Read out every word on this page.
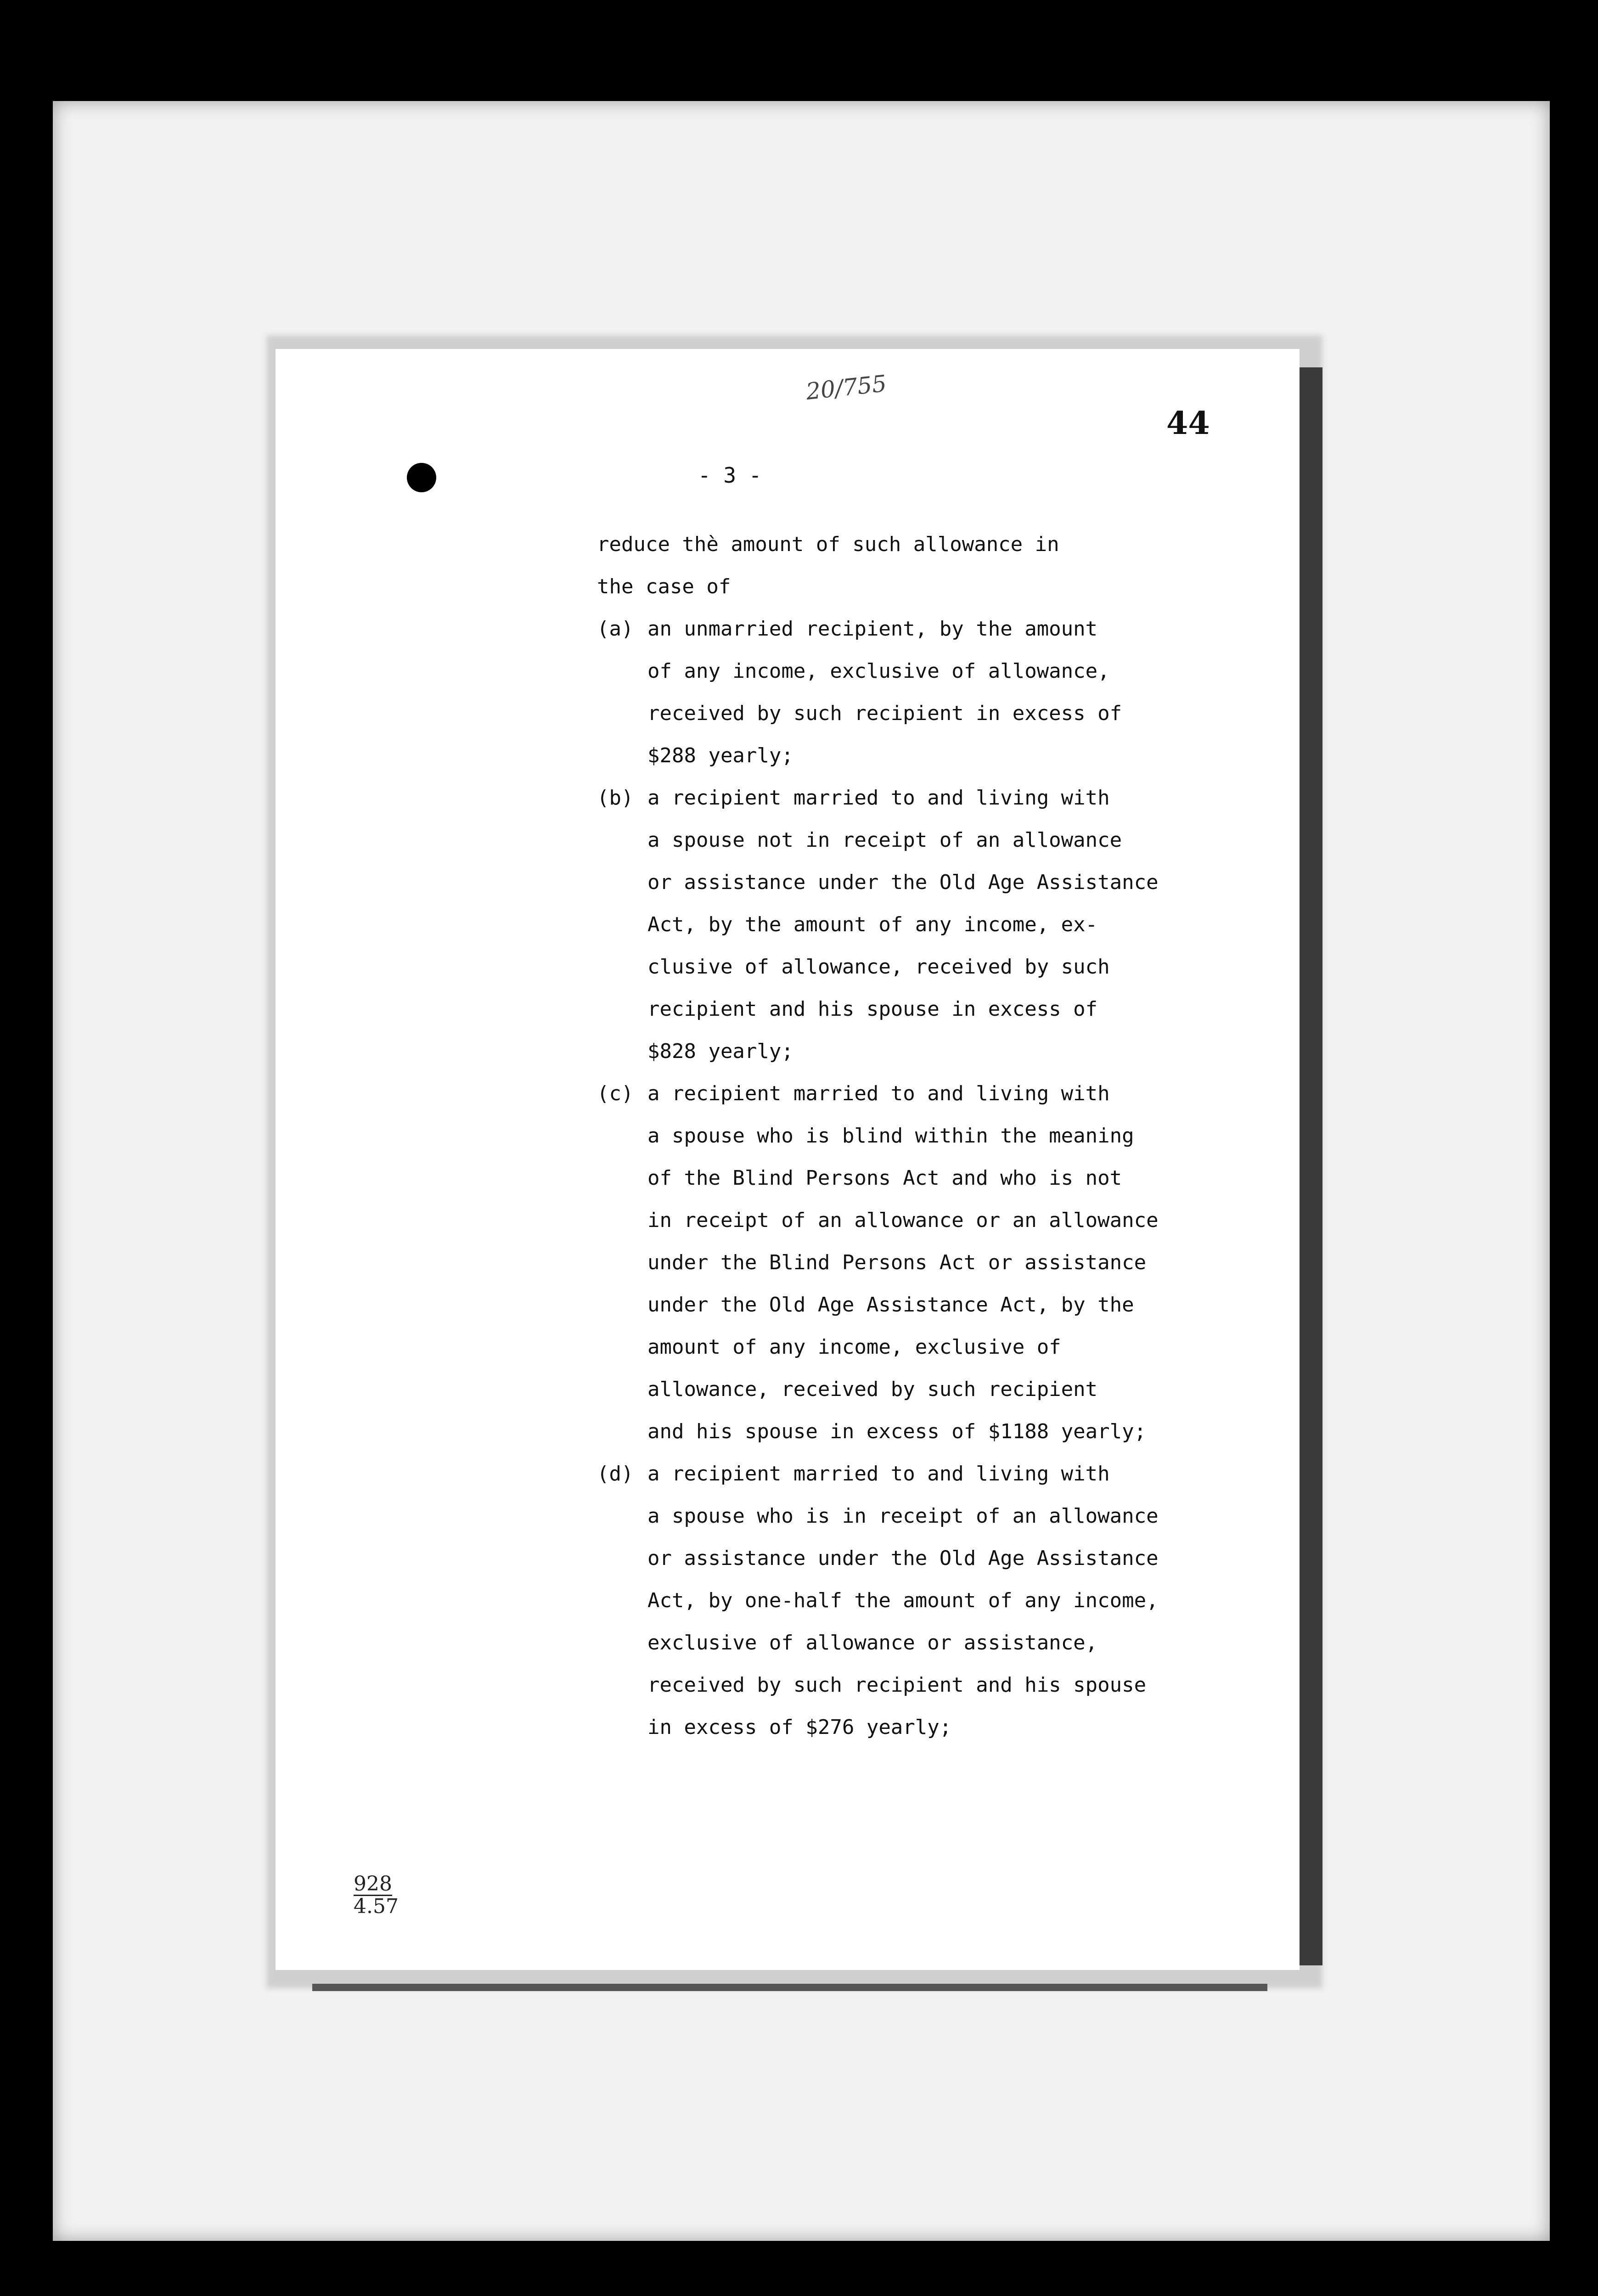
20/755
44
- 3 -
reduce thè amount of such allowance in
the case of
(a) an unmarried recipient, by the amount
of any income, exclusive of allowance,
received by such recipient in excess of
$288 yearly;
(b) a recipient married to and living with
a spouse not in receipt of an allowance
or assistance under the Old Age Assistance
Act, by the amount of any income, ex-
clusive of allowance, received by such
recipient and his spouse in excess of
$828 yearly;
(c) a recipient married to and living with
a spouse who is blind within the meaning
of the Blind Persons Act and who is not
in receipt of an allowance or an allowance
under the Blind Persons Act or assistance
under the Old Age Assistance Act, by the
amount of any income, exclusive of
allowance, received by such recipient
and his spouse in excess of $1188 yearly;
(d) a recipient married to and living with
a spouse who is in receipt of an allowance
or assistance under the Old Age Assistance
Act, by one-half the amount of any income,
exclusive of allowance or assistance,
received by such recipient and his spouse
in excess of $276 yearly;
928
4.57
